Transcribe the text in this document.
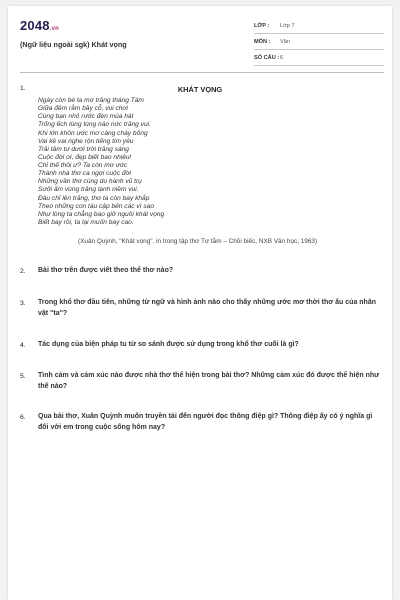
2048.vn
(Ngữ liệu ngoài sgk) Khát vọng
LỚP :	Lớp 7
MÔN :	Văn
SỐ CÂU : 6
1.	KHÁT VỌNG
Ngày còn bé ta mơ trăng tháng Tám
Giữa đêm rằm bầy cỗ, vui chơi
Cùng bạn nhỏ rước đèn múa hát
Trống ếch lùng tùng náo nức trăng vui.
Khi lớn khôn ước mơ càng cháy bỏng
Vai kề vai nghe rộn tiếng tim yêu
Trải tâm tư dưới trời trăng sáng
Cuộc đời ơi, đẹp biết bao nhiêu!
Chỉ thế thôi ư? Ta còn mơ ước
Thành nhà thơ ca ngợi cuộc đời
Những vần thơ cùng du hành vũ trụ
Sưởi ấm vùng trăng lạnh niềm vui.
Đâu chỉ lên trăng, thơ ta còn bay khắp
Theo những con tàu cập bến các vì sao
Như lòng ta chẳng bao giờ nguôi khát vọng
Biết bay rồi, ta lại muốn bay cao.
(Xuân Quỳnh, "Khát vọng", in trong tập thơ Tơ tằm – Chồi biếc, NXB Văn học, 1963)
2. Bài thơ trên được viết theo thể thơ nào?
3. Trong khổ thơ đầu tiên, những từ ngữ và hình ảnh nào cho thấy những ước mơ thời thơ ấu của nhân vật "ta"?
4. Tác dụng của biện pháp tu từ so sánh được sử dụng trong khổ thơ cuối là gì?
5. Tình cảm và cảm xúc nào được nhà thơ thể hiện trong bài thơ? Những cảm xúc đó được thể hiện như thế nào?
6. Qua bài thơ, Xuân Quỳnh muốn truyền tải đến người đọc thông điệp gì? Thông điệp ấy có ý nghĩa gì đối với em trong cuộc sống hôm nay?
